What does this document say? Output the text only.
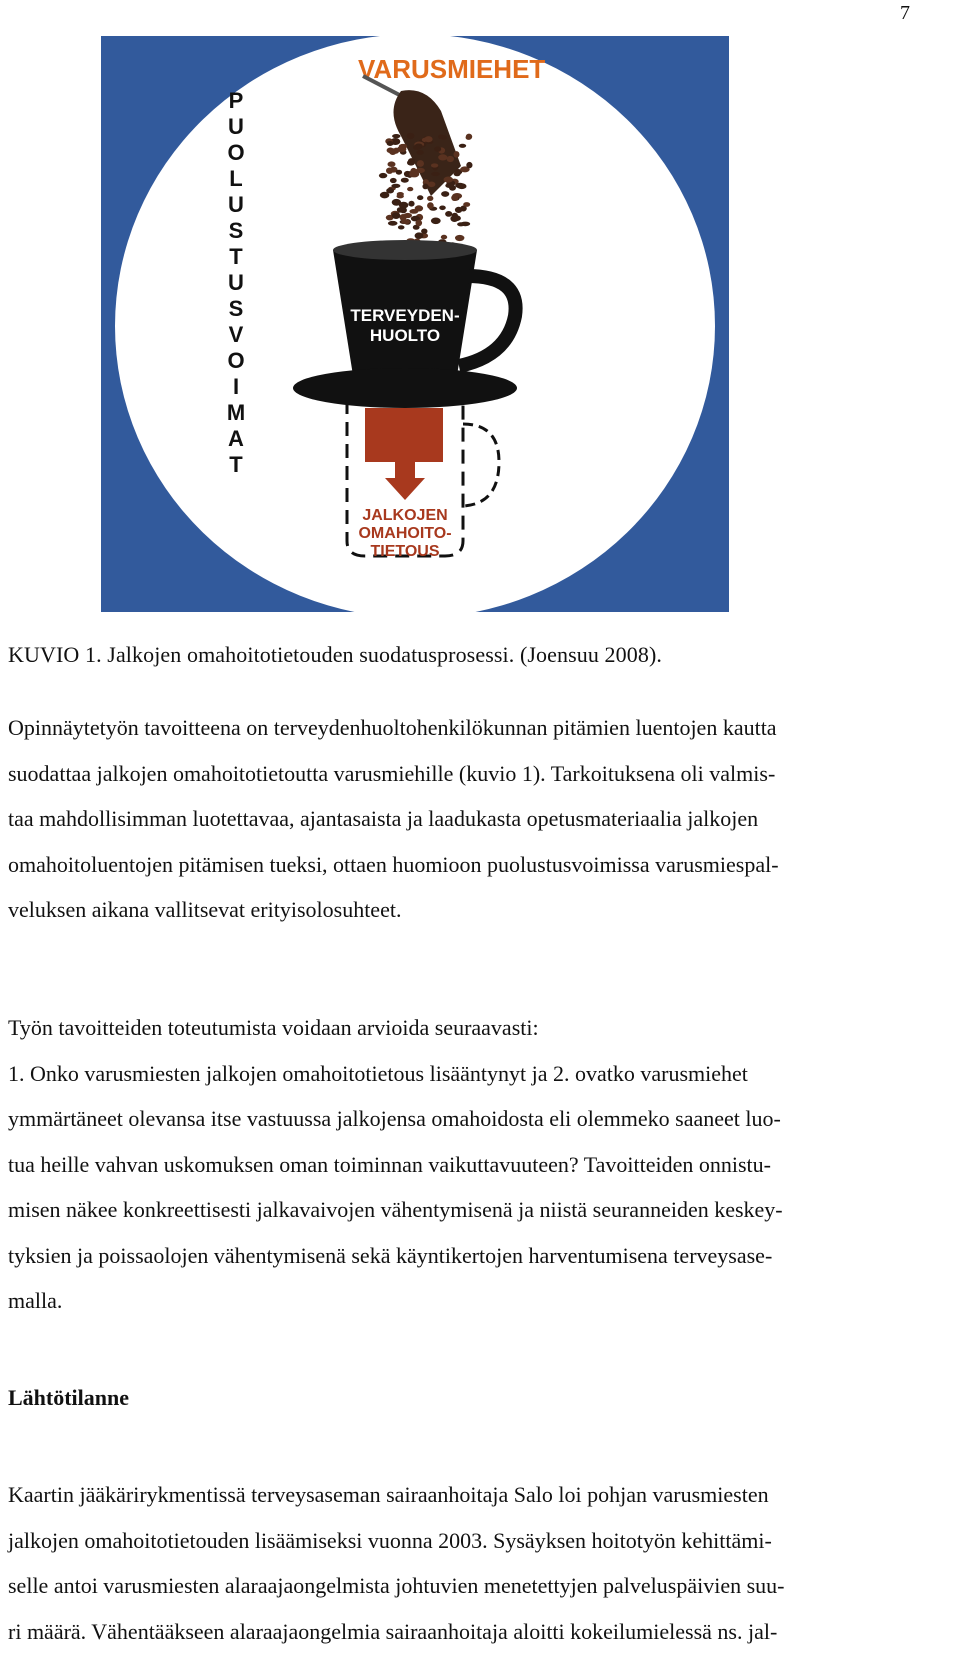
7
VARUSMIEHET
P
U
O
L
U
S
T
U
S
V
O
I
M
A
T
TERVEYDEN-
HUOLTO
JALKOJEN
OMAHOITO-
TIETOUS
KUVIO 1. Jalkojen omahoitotietouden suodatusprosessi. (Joensuu 2008).
Opinnäytetyön tavoitteena on terveydenhuoltohenkilökunnan pitämien luentojen kautta
suodattaa jalkojen omahoitotietoutta varusmiehille (kuvio 1). Tarkoituksena oli valmis-
taa mahdollisimman luotettavaa, ajantasaista ja laadukasta opetusmateriaalia jalkojen
omahoitoluentojen pitämisen tueksi, ottaen huomioon puolustusvoimissa varusmiespal-
veluksen aikana vallitsevat erityisolosuhteet.
Työn tavoitteiden toteutumista voidaan arvioida seuraavasti:
1. Onko varusmiesten jalkojen omahoitotietous lisääntynyt ja 2. ovatko varusmiehet
ymmärtäneet olevansa itse vastuussa jalkojensa omahoidosta eli olemmeko saaneet luo-
tua heille vahvan uskomuksen oman toiminnan vaikuttavuuteen? Tavoitteiden onnistu-
misen näkee konkreettisesti jalkavaivojen vähentymisenä ja niistä seuranneiden keskey-
tyksien ja poissaolojen vähentymisenä sekä käyntikertojen harventumisena terveysase-
malla.
Lähtötilanne
Kaartin jääkärirykmentissä terveysaseman sairaanhoitaja Salo loi pohjan varusmiesten
jalkojen omahoitotietouden lisäämiseksi vuonna 2003. Sysäyksen hoitotyön kehittämi-
selle antoi varusmiesten alaraajaongelmista johtuvien menetettyjen palveluspäivien suu-
ri määrä. Vähentääkseen alaraajaongelmia sairaanhoitaja aloitti kokeilumielessä ns. jal-
